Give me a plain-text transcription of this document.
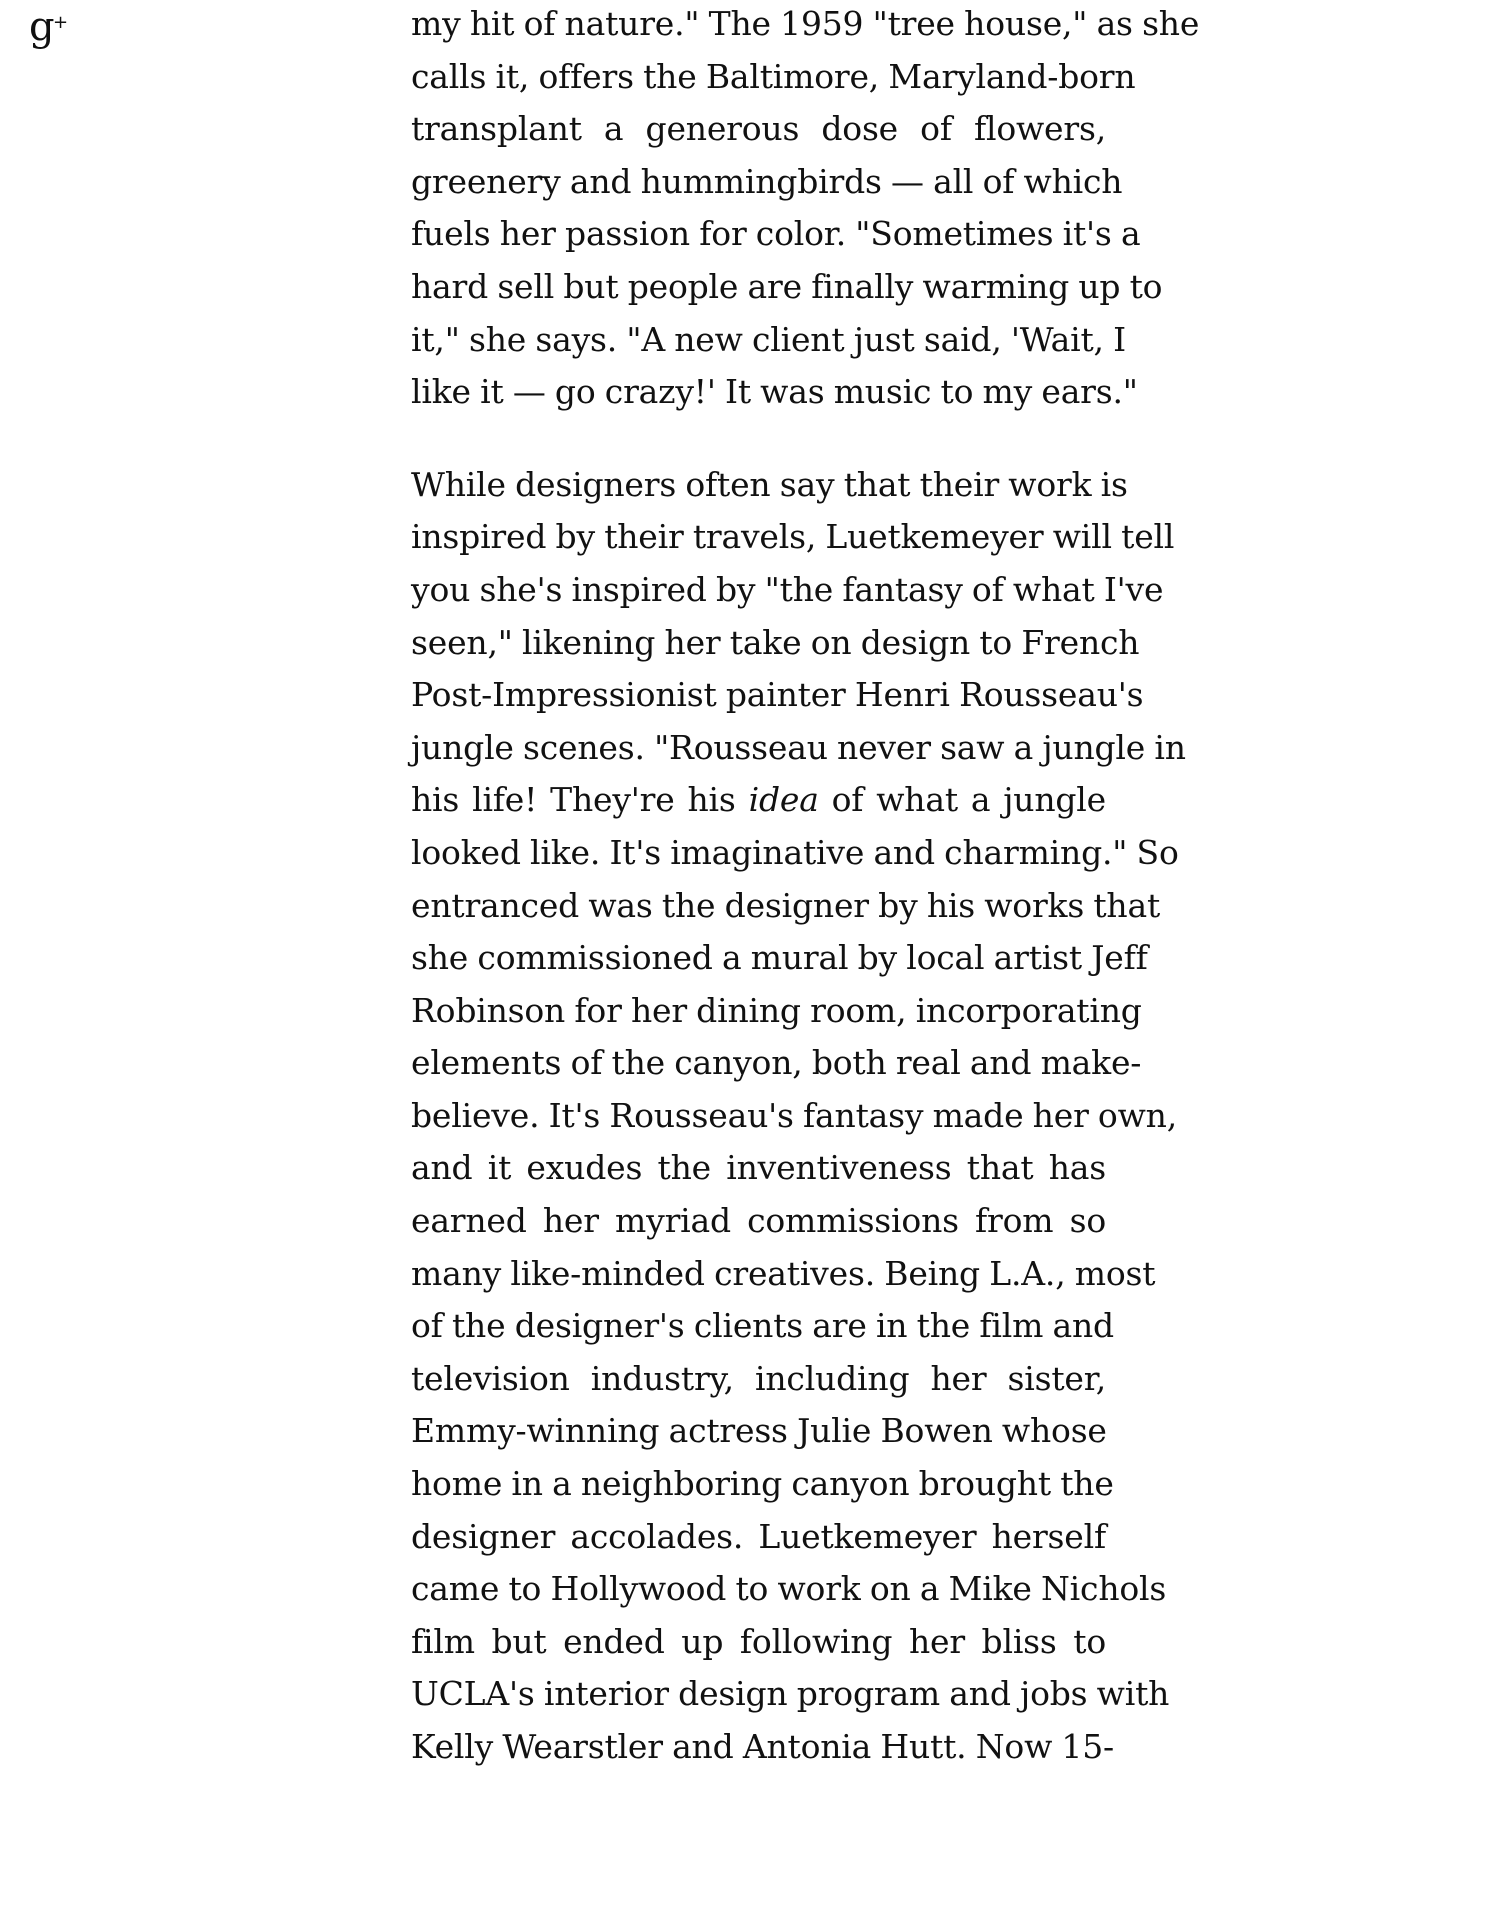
g
+	my hit of nature." The 1959 "tree house," as she
calls it, offers the Baltimore, Maryland-born
transplant a generous dose of flowers,
greenery and hummingbirds — all of which
fuels her passion for color. "Sometimes it's a
hard sell but people are finally warming up to
it," she says. "A new client just said, 'Wait, I
like it — go crazy!' It was music to my ears."

While designers often say that their work is
inspired by their travels, Luetkemeyer will tell
you she's inspired by "the fantasy of what I've
seen," likening her take on design to French
Post-Impressionist painter Henri Rousseau's
jungle scenes. "Rousseau never saw a jungle in
his life! They're his idea of what a jungle
looked like. It's imaginative and charming." So
entranced was the designer by his works that
she commissioned a mural by local artist Jeff
Robinson for her dining room, incorporating
elements of the canyon, both real and make-
believe. It's Rousseau's fantasy made her own,
and it exudes the inventiveness that has
earned her myriad commissions from so
many like-minded creatives. Being L.A., most
of the designer's clients are in the film and
television industry, including her sister,
Emmy-winning actress Julie Bowen whose
home in a neighboring canyon brought the
designer accolades. Luetkemeyer herself
came to Hollywood to work on a Mike Nichols
film but ended up following her bliss to
UCLA's interior design program and jobs with
Kelly Wearstler and Antonia Hutt. Now 15-
